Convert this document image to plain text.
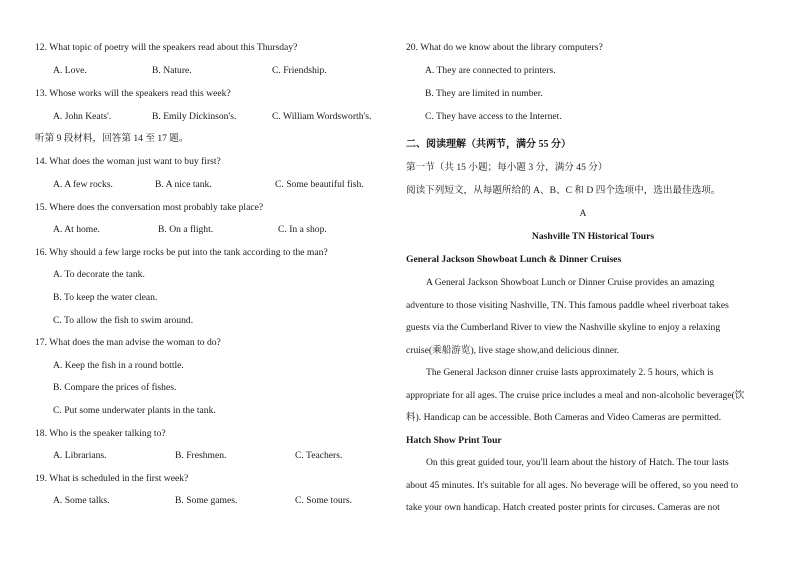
12. What topic of poetry will the speakers read about this Thursday?
A. Love.	B. Nature.	C. Friendship.
13. Whose works will the speakers read this week?
A. John Keats'.	B. Emily Dickinson's.	C. William Wordsworth's.
听第 9 段材料，回答第 14 至 17 题。
14. What does the woman just want to buy first?
A. A few rocks.	B. A nice tank.	C. Some beautiful fish.
15. Where does the conversation most probably take place?
A. At home.	B. On a flight.	C. In a shop.
16. Why should a few large rocks be put into the tank according to the man?
A. To decorate the tank.
B. To keep the water clean.
C. To allow the fish to swim around.
17. What does the man advise the woman to do?
A. Keep the fish in a round bottle.
B. Compare the prices of fishes.
C. Put some underwater plants in the tank.
18. Who is the speaker talking to?
A. Librarians.	B. Freshmen.	C. Teachers.
19. What is scheduled in the first week?
A. Some talks.	B. Some games.	C. Some tours.
20. What do we know about the library computers?
A. They are connected to printers.
B. They are limited in number.
C. They have access to the Internet.
二、阅读理解（共两节，满分 55 分）
第一节（共 15 小题；每小题 3 分，满分 45 分）
阅读下列短文，从每题所给的 A、B、C 和 D 四个选项中，选出最佳选项。
A
Nashville TN Historical Tours
General Jackson Showboat Lunch & Dinner Cruises
A General Jackson Showboat Lunch or Dinner Cruise provides an amazing
adventure to those visiting Nashville, TN. This famous paddle wheel riverboat takes
guests via the Cumberland River to view the Nashville skyline to enjoy a relaxing
cruise(乘船游览), live stage show,and delicious dinner.
The General Jackson dinner cruise lasts approximately 2. 5 hours, which is
appropriate for all ages. The cruise price includes a meal and non-alcoholic beverage(饮
料). Handicap can be accessible. Both Cameras and Video Cameras are permitted.
Hatch Show Print Tour
On this great guided tour, you'll learn about the history of Hatch. The tour lasts
about 45 minutes. It's suitable for all ages. No beverage will be offered, so you need to
take your own handicap. Hatch created poster prints for circuses. Cameras are not
